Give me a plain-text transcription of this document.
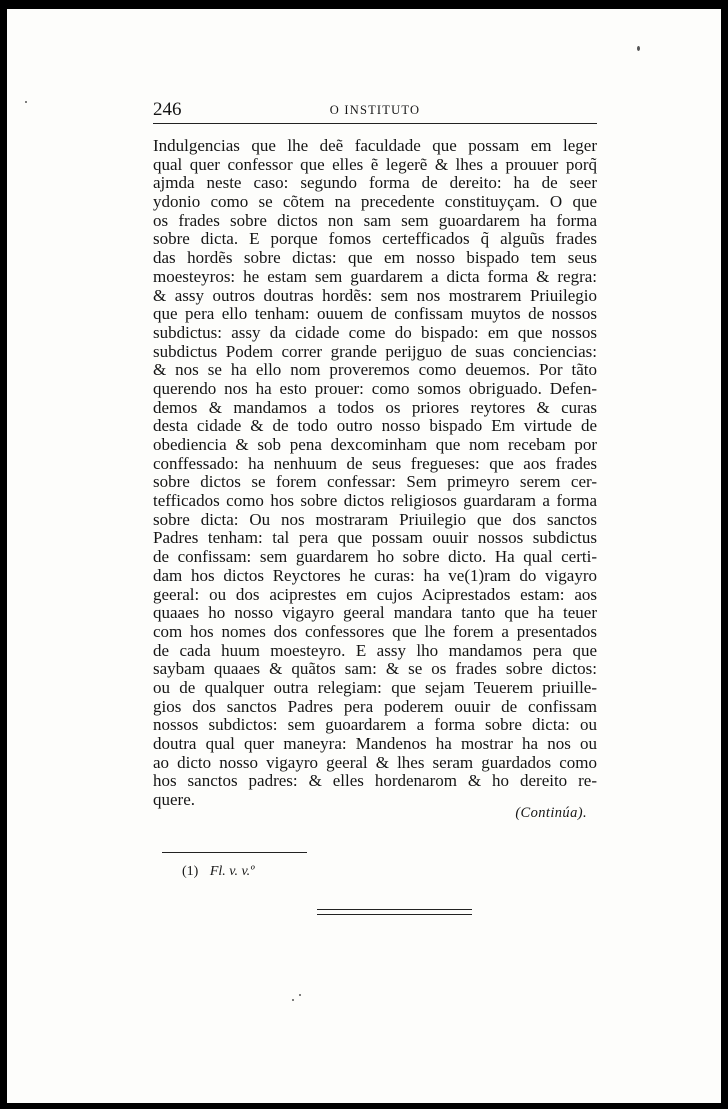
246	O INSTITUTO
Indulgencias que lhe deẽ faculdade que possam em leger
qual quer confessor que elles ẽ legerẽ & lhes a prouuer porq̃
ajmda neste caso: segundo forma de dereito: ha de seer
ydonio como se cõtem na precedente constituyçam. O que
os frades sobre dictos non sam sem guoardarem ha forma
sobre dicta. E porque fomos certefficados q̃ alguũs frades
das hordẽs sobre dictas: que em nosso bispado tem seus
moesteyros: he estam sem guardarem a dicta forma & regra:
& assy outros doutras hordẽs: sem nos mostrarem Priuilegio
que pera ello tenham: ouuem de confissam muytos de nossos
subdictus: assy da cidade come do bispado: em que nossos
subdictus Podem correr grande perijguo de suas conciencias:
& nos se ha ello nom proveremos como deuemos. Por tãto
querendo nos ha esto prouer: como somos obriguado. Defen-
demos & mandamos a todos os priores reytores & curas
desta cidade & de todo outro nosso bispado Em virtude de
obediencia & sob pena dexcominham que nom recebam por
conffessado: ha nenhuum de seus fregueses: que aos frades
sobre dictos se forem confessar: Sem primeyro serem cer-
tefficados como hos sobre dictos religiosos guardaram a forma
sobre dicta: Ou nos mostraram Priuilegio que dos sanctos
Padres tenham: tal pera que possam ouuir nossos subdictus
de confissam: sem guardarem ho sobre dicto. Ha qual certi-
dam hos dictos Reyctores he curas: ha ve(1)ram do vigayro
geeral: ou dos aciprestes em cujos Aciprestados estam: aos
quaaes ho nosso vigayro geeral mandara tanto que ha teuer
com hos nomes dos confessores que lhe forem a presentados
de cada huum moesteyro. E assy lho mandamos pera que
saybam quaaes & quãtos sam: & se os frades sobre dictos:
ou de qualquer outra relegiam: que sejam Teuerem priuille-
gios dos sanctos Padres pera poderem ouuir de confissam
nossos subdictos: sem guoardarem a forma sobre dicta: ou
doutra qual quer maneyra: Mandenos ha mostrar ha nos ou
ao dicto nosso vigayro geeral & lhes seram guardados como
hos sanctos padres: & elles hordenarom & ho dereito re-
quere.
(Continúa).
(1) Fl. v. v.º
